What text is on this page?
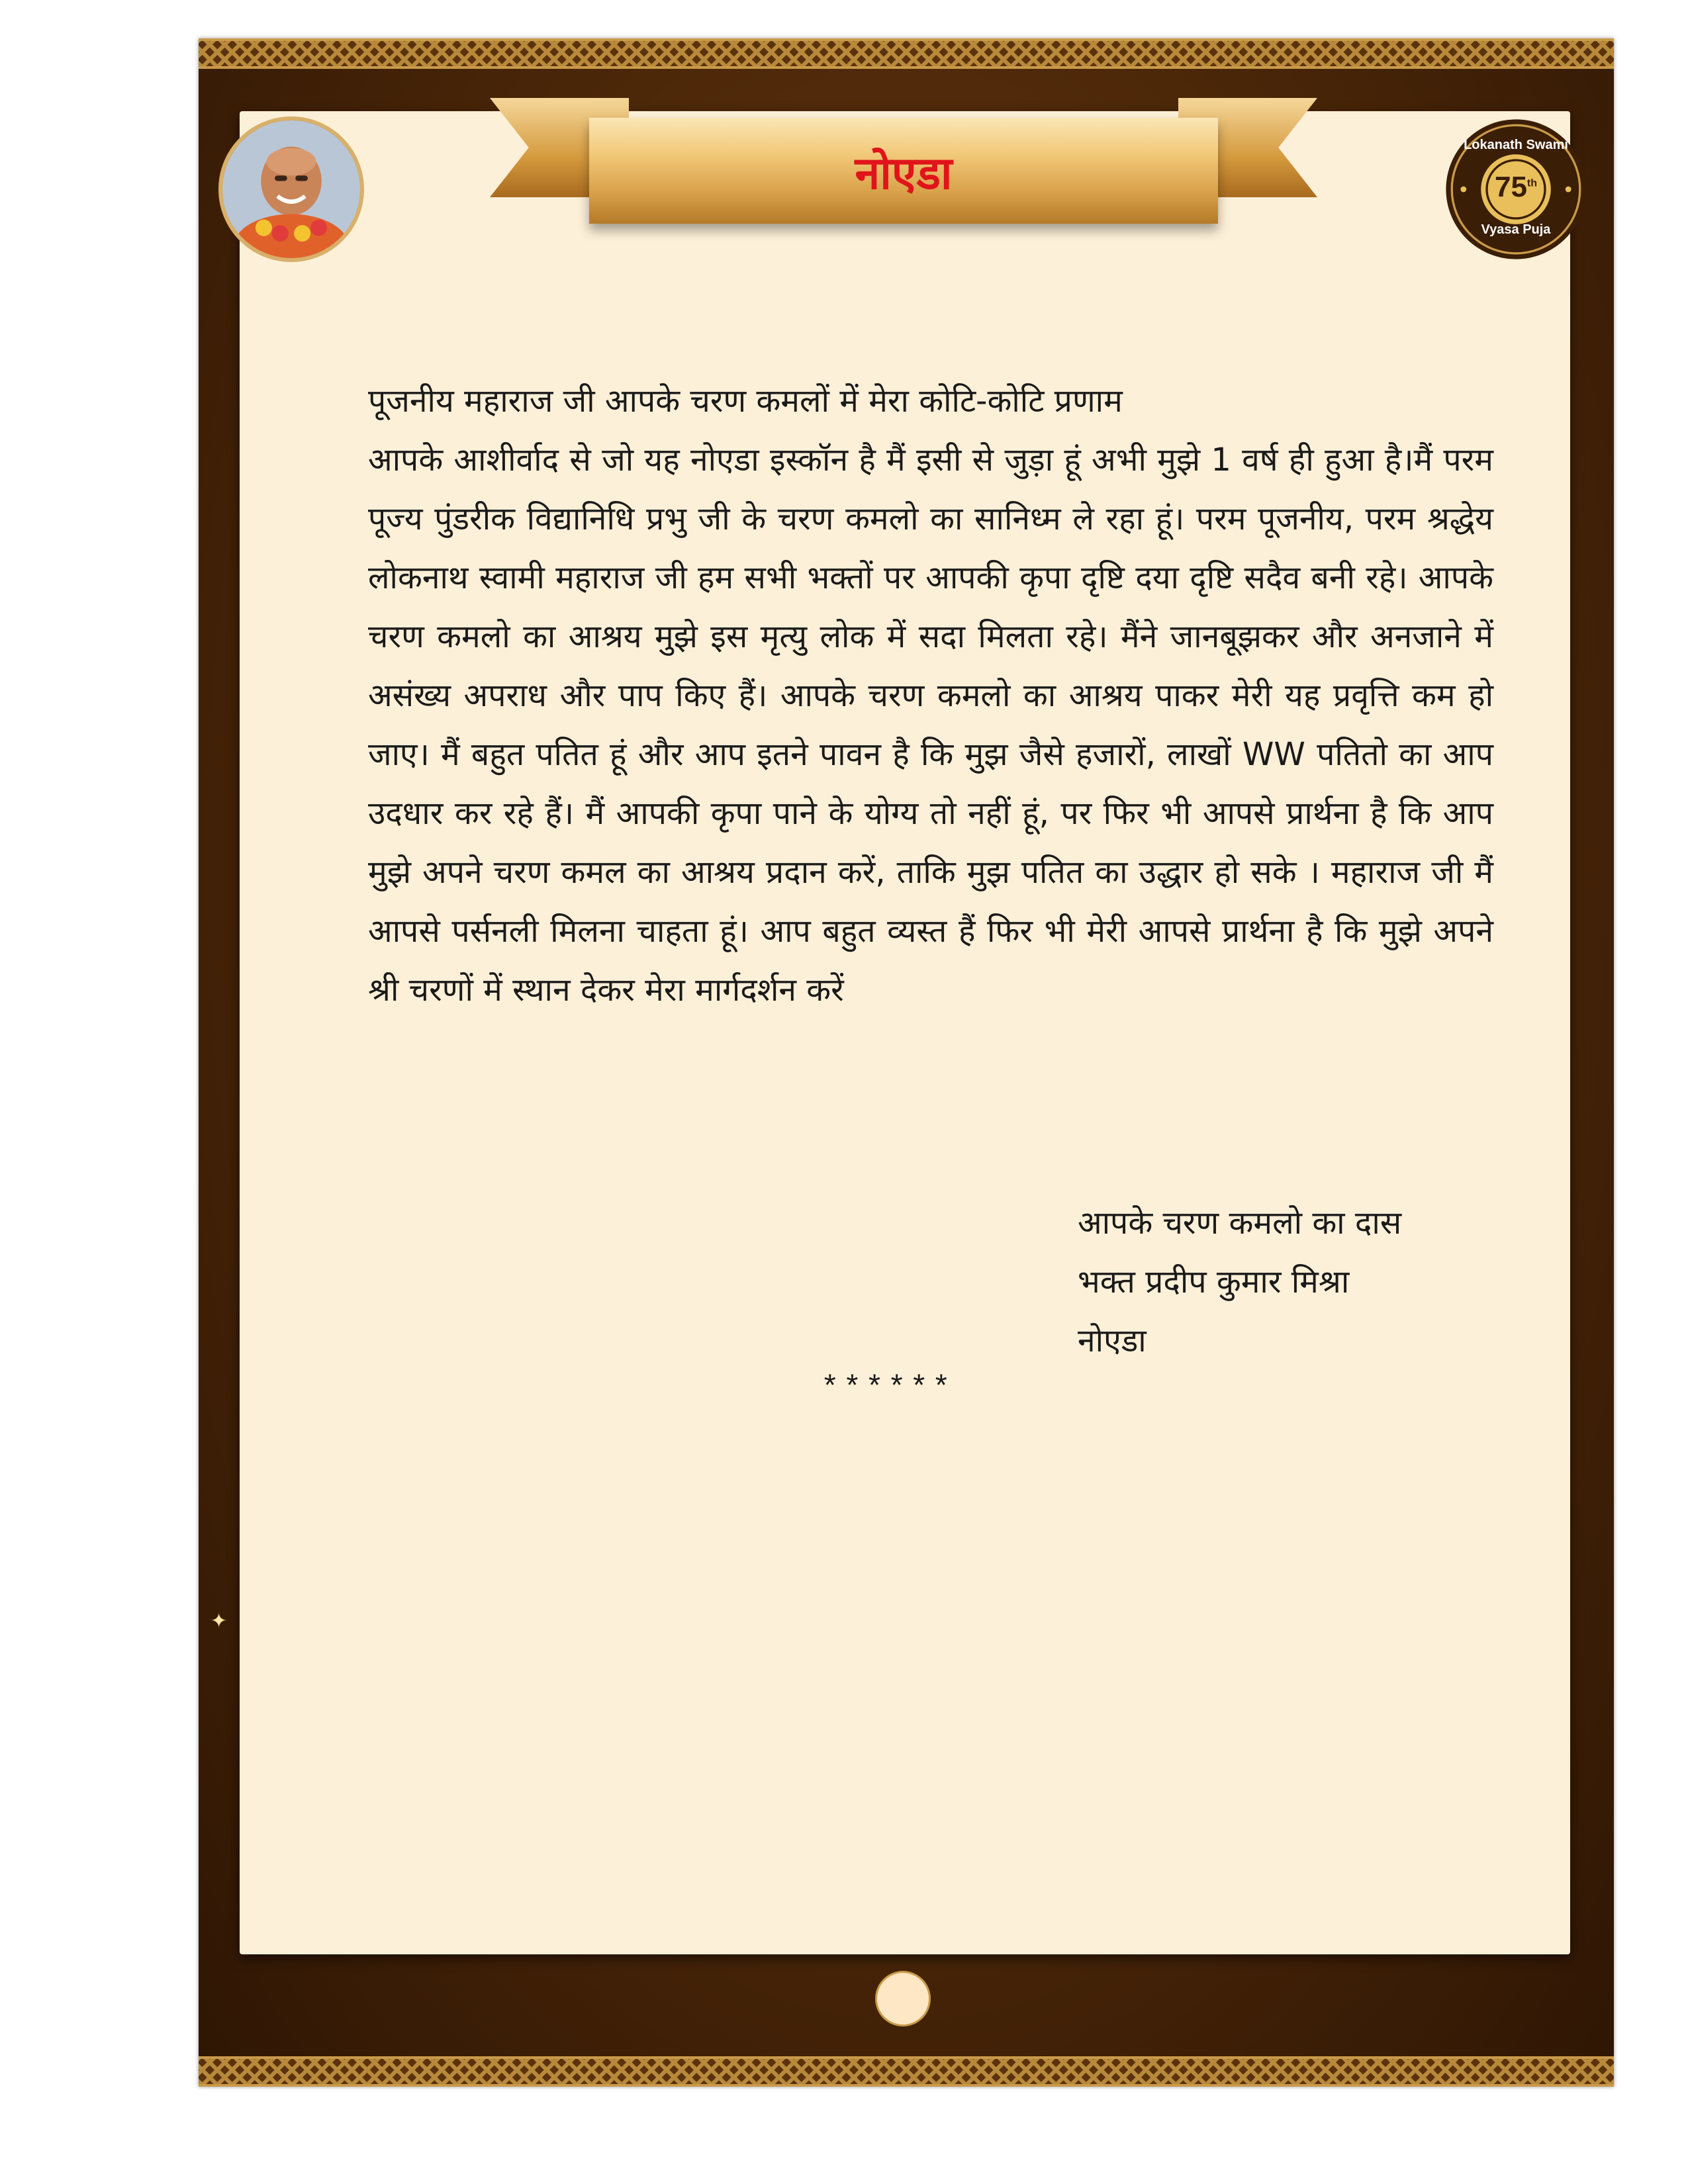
नोएडा
Lokanath Swami
75th
Vyasa Puja

पूजनीय महाराज जी आपके चरण कमलों में मेरा कोटि-कोटि प्रणाम

आपके आशीर्वाद से जो यह नोएडा इस्कॉन है मैं इसी से जुड़ा हूं अभी मुझे 1 वर्ष ही हुआ है।मैं परम पूज्य पुंडरीक विद्यानिधि प्रभु जी के चरण कमलो का सानिध्म ले रहा हूं। परम पूजनीय, परम श्रद्धेय लोकनाथ स्वामी महाराज जी हम सभी भक्तों पर आपकी कृपा दृष्टि दया दृष्टि सदैव बनी रहे। आपके चरण कमलो का आश्रय मुझे इस मृत्यु लोक में सदा मिलता रहे। मैंने जानबूझकर और अनजाने में असंख्य अपराध और पाप किए हैं। आपके चरण कमलो का आश्रय पाकर मेरी यह प्रवृत्ति कम हो जाए। मैं बहुत पतित हूं और आप इतने पावन है कि मुझ जैसे हजारों, लाखों WW पतितो का आप उदधार कर रहे हैं। मैं आपकी कृपा पाने के योग्य तो नहीं हूं, पर फिर भी आपसे प्रार्थना है कि आप मुझे अपने चरण कमल का आश्रय प्रदान करें, ताकि मुझ पतित का उद्धार हो सके । महाराज जी मैं आपसे पर्सनली मिलना चाहता हूं। आप बहुत व्यस्त हैं फिर भी मेरी आपसे प्रार्थना है कि मुझे अपने श्री चरणों में स्थान देकर मेरा मार्गदर्शन करें

आपके चरण कमलो का दास
भक्त प्रदीप कुमार मिश्रा
नोएडा
******
✦
